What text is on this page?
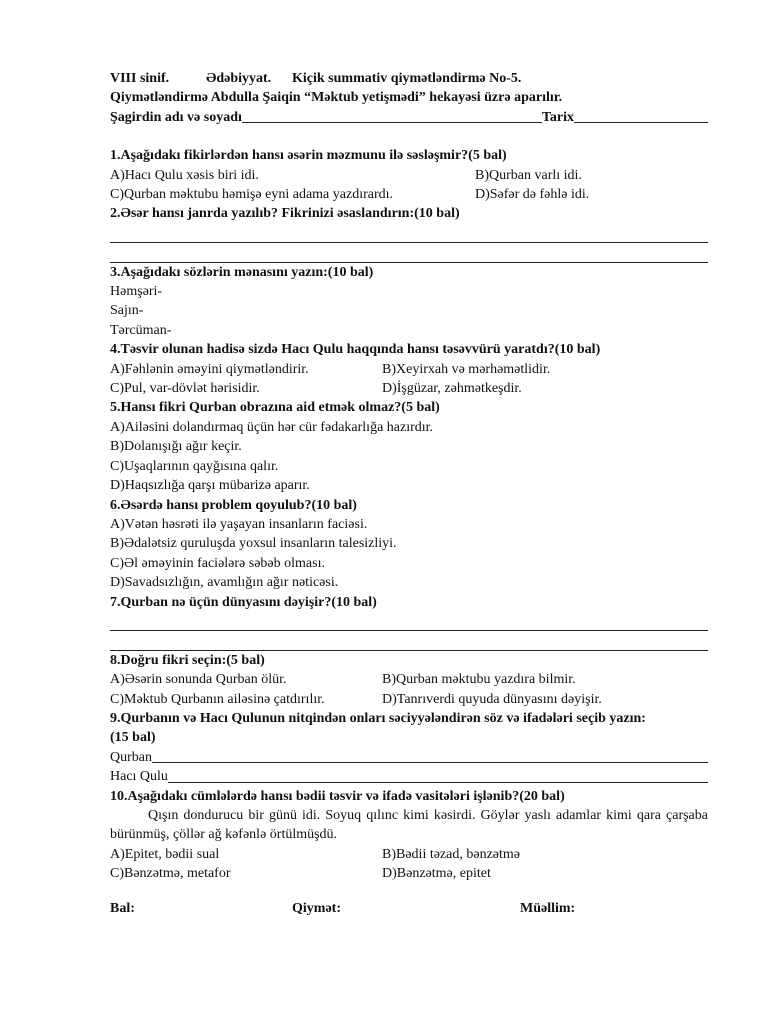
VIII sinif.	Ədəbiyyat. Kiçik summativ qiymətləndirmə No-5.
Qiymətləndirmə Abdulla Şaiqin “Məktub yetişmədi” hekayəsi üzrə aparılır.
Şagirdin adı və soyadı	Tarix
1.Aşağıdakı fikirlərdən hansı əsərin məzmunu ilə səsləşmir?(5 bal)
A)Hacı Qulu xəsis biri idi.	B)Qurban varlı idi.
C)Qurban məktubu həmişə eyni adama yazdırardı.	D)Səfər də fəhlə idi.
2.Əsər hansı janrda yazılıb? Fikrinizi əsaslandırın:(10 bal)
3.Aşağıdakı sözlərin mənasını yazın:(10 bal)
Həmşəri-
Sajın-
Tərcüman-
4.Təsvir olunan hadisə sizdə Hacı Qulu haqqında hansı təsəvvürü yaratdı?(10 bal)
A)Fəhlənin əməyini qiymətləndirir.	B)Xeyirxah və mərhəmətlidir.
C)Pul, var-dövlət hərisidir.	D)İşgüzar, zəhmətkeşdir.
5.Hansı fikri Qurban obrazına aid etmək olmaz?(5 bal)
A)Ailəsini dolandırmaq üçün hər cür fədakarlığa hazırdır.
B)Dolanışığı ağır keçir.
C)Uşaqlarının qayğısına qalır.
D)Haqsızlığa qarşı mübarizə aparır.
6.Əsərdə hansı problem qoyulub?(10 bal)
A)Vətən həsrəti ilə yaşayan insanların faciəsi.
B)Ədalətsiz quruluşda yoxsul insanların talesizliyi.
C)Əl əməyinin faciələrə səbəb olması.
D)Savadsızlığın, avamlığın ağır nəticəsi.
7.Qurban nə üçün dünyasını dəyişir?(10 bal)
8.Doğru fikri seçin:(5 bal)
A)Əsərin sonunda Qurban ölür.	B)Qurban məktubu yazdıra bilmir.
C)Məktub Qurbanın ailəsinə çatdırılır.	D)Tanrıverdi quyuda dünyasını dəyişir.
9.Qurbanın və Hacı Qulunun nitqindən onları səciyyələndirən söz və ifadələri seçib yazın:
(15 bal)
Qurban
Hacı Qulu
10.Aşağıdakı cümlələrdə hansı bədii təsvir və ifadə vasitələri işlənib?(20 bal)

Qışın dondurucu bir günü idi. Soyuq qılınc kimi kəsirdi. Göylər yaslı adamlar kimi qara çarşaba bürünmüş, çöllər ağ kəfənlə örtülmüşdü.

A)Epitet, bədii sual	B)Bədii təzad, bənzətmə
C)Bənzətmə, metafor	D)Bənzətmə, epitet
Bal:	Qiymət:	Müəllim:
